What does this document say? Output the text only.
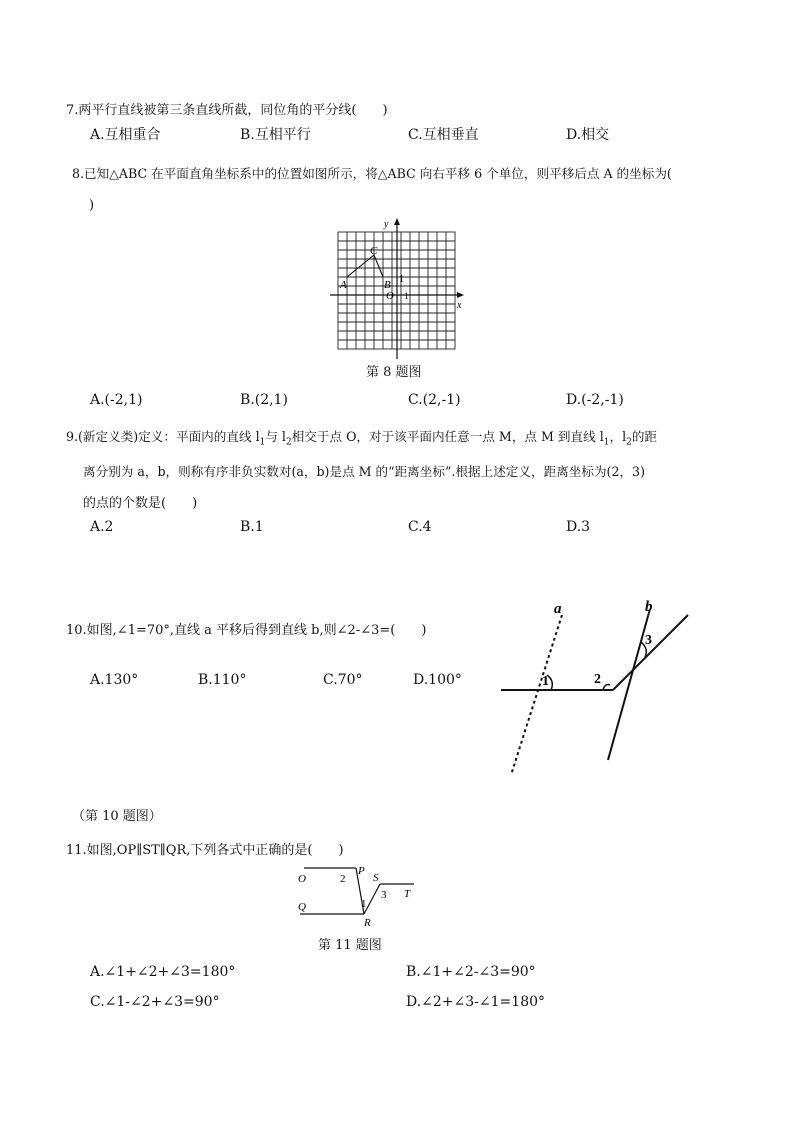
7.两平行直线被第三条直线所截，同位角的平分线(　　)
A.互相重合	B.互相平行	C.互相垂直	D.相交
8.已知△ABC 在平面直角坐标系中的位置如图所示，将△ABC 向右平移 6 个单位，则平移后点 A 的坐标为(
)
y
x
C
A	B
O
1
1
第 8 题图
A.(-2,1)	B.(2,1)	C.(2,-1)	D.(-2,-1)
9.(新定义类)定义：平面内的直线 $l_1$与 $l_2$相交于点 O，对于该平面内任意一点 M，点 M 到直线 $l_1$，$l_2$的距
离分别为 a，b，则称有序非负实数对(a，b)是点 M 的“距离坐标”.根据上述定义，距离坐标为(2，3)
的点的个数是(　　)
A.2	B.1	C.4	D.3
10.如图,∠1=70°,直线 a 平移后得到直线 b,则∠2-∠3=(　　)
A.130°	B.110°	C.70°	D.100°
a	b
1	2
3
（第 10 题图）
11.如图,OP∥ST∥QR,下列各式中正确的是(　　)
O	2
P
S
3 T
Q	1
R
第 11 题图
A.∠1+∠2+∠3=180°	B.∠1+∠2-∠3=90°
C.∠1-∠2+∠3=90°	D.∠2+∠3-∠1=180°
